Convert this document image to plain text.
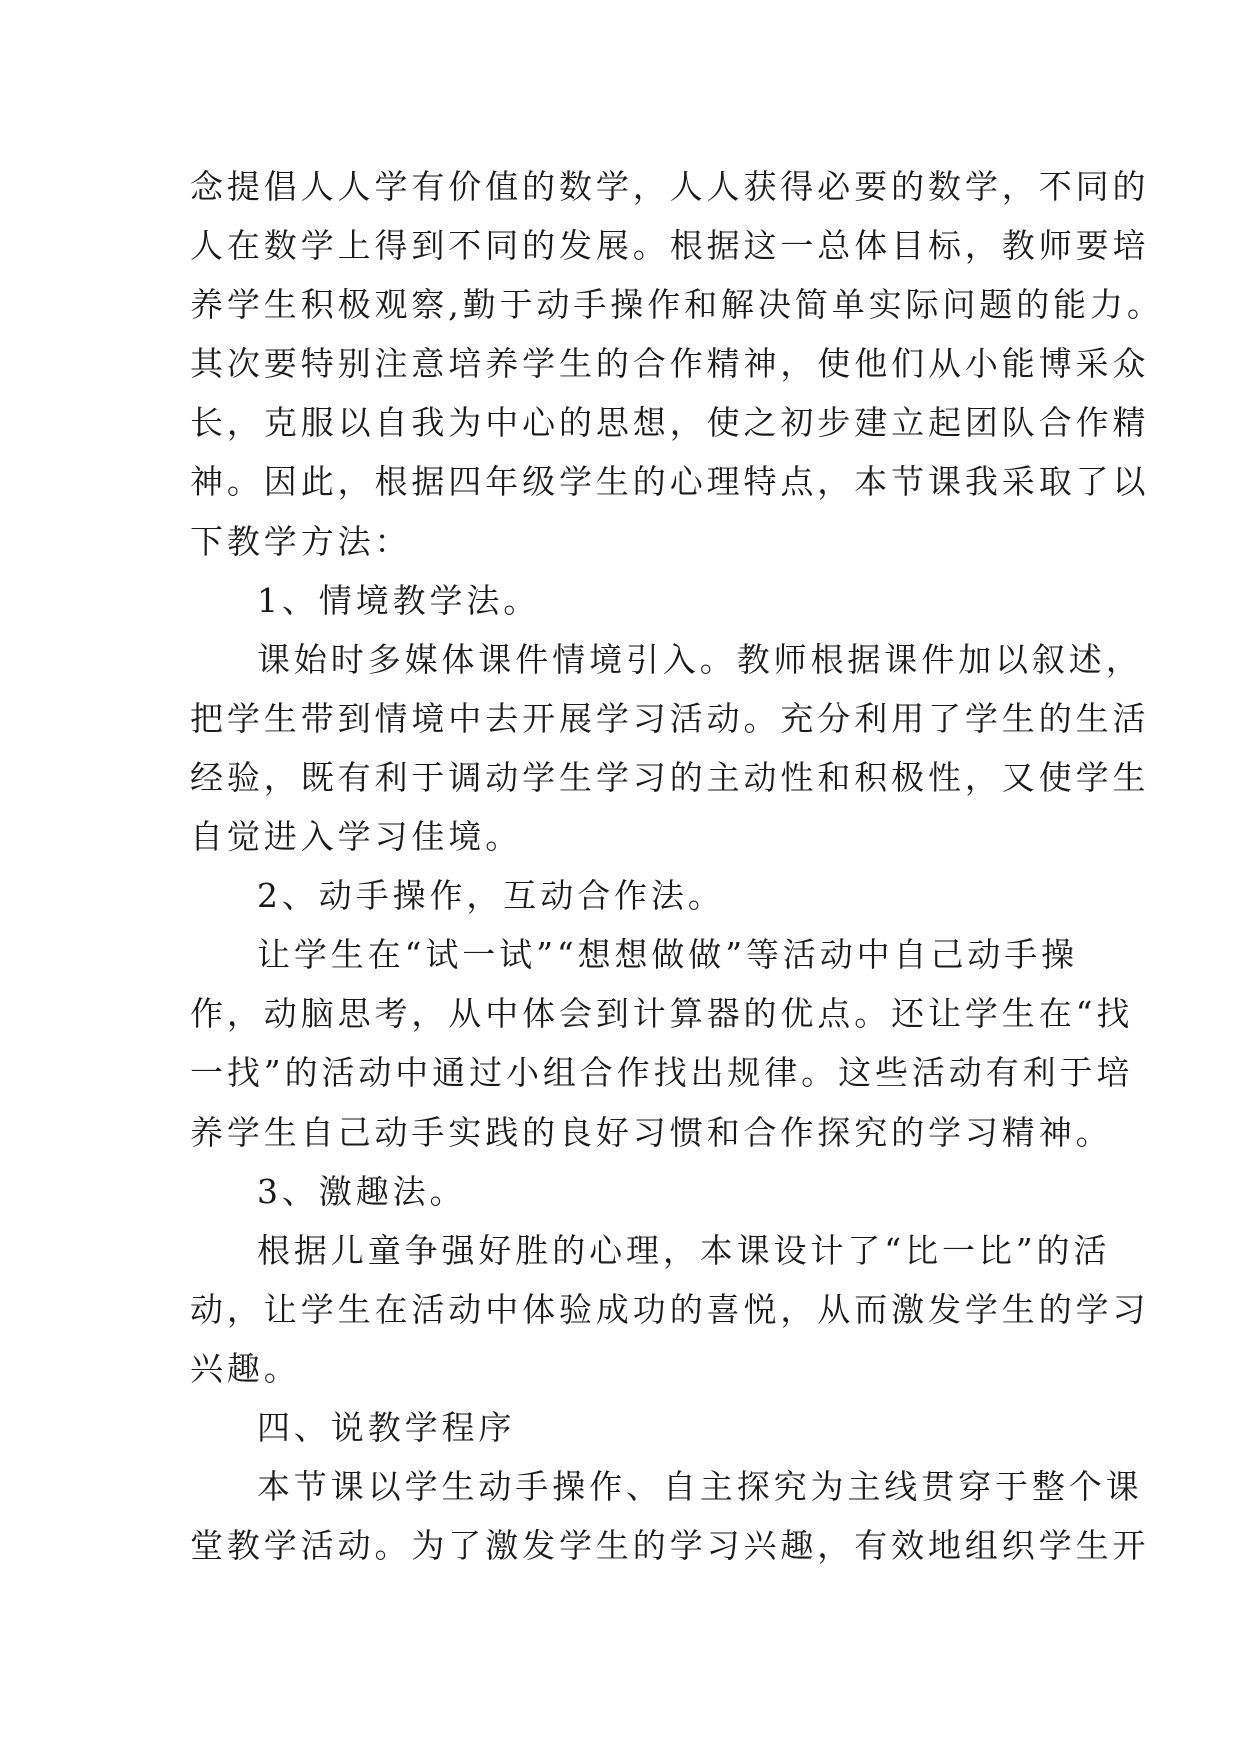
念提倡人人学有价值的数学，人人获得必要的数学，不同的
人在数学上得到不同的发展。根据这一总体目标，教师要培
养学生积极观察,勤于动手操作和解决简单实际问题的能力。
其次要特别注意培养学生的合作精神，使他们从小能博采众
长，克服以自我为中心的思想，使之初步建立起团队合作精
神。因此，根据四年级学生的心理特点，本节课我采取了以
下教学方法：
1、情境教学法。
课始时多媒体课件情境引入。教师根据课件加以叙述，
把学生带到情境中去开展学习活动。充分利用了学生的生活
经验，既有利于调动学生学习的主动性和积极性，又使学生
自觉进入学习佳境。
2、动手操作，互动合作法。
让学生在“试一试”“想想做做”等活动中自己动手操
作，动脑思考，从中体会到计算器的优点。还让学生在“找
一找”的活动中通过小组合作找出规律。这些活动有利于培
养学生自己动手实践的良好习惯和合作探究的学习精神。
3、激趣法。
根据儿童争强好胜的心理，本课设计了“比一比”的活
动，让学生在活动中体验成功的喜悦，从而激发学生的学习
兴趣。
四、说教学程序
本节课以学生动手操作、自主探究为主线贯穿于整个课
堂教学活动。为了激发学生的学习兴趣，有效地组织学生开
